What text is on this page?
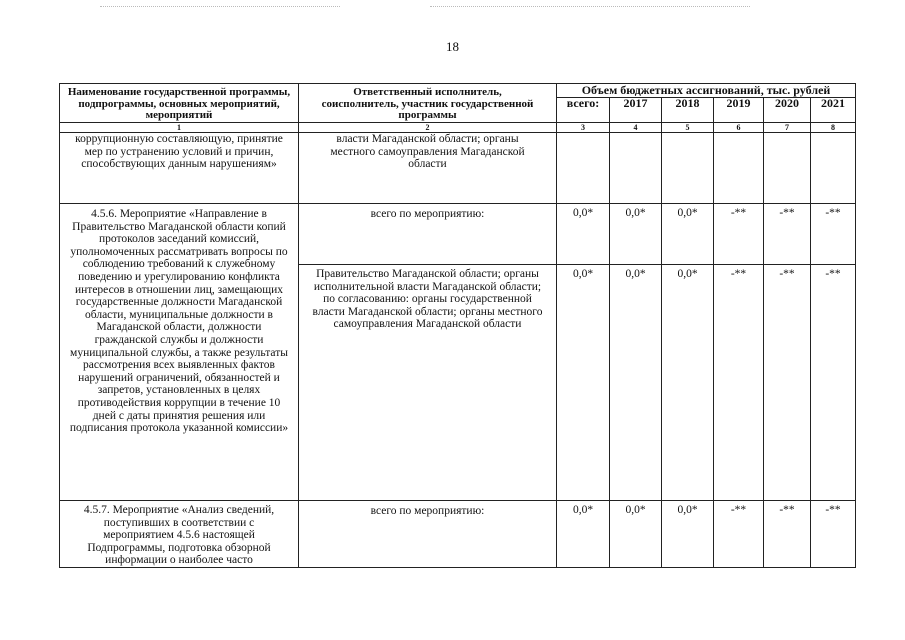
18
Наименование государственной программы, подпрограммы, основных мероприятий, мероприятий	Ответственный исполнитель, соисполнитель, участник государственной программы	Объем бюджетных ассигнований, тыс. рублей					
		всего:	2017	2018	2019	2020	2021
1	2	3	4	5	6	7	8
коррупционную составляющую, принятие мер по устранению условий и причин, способствующих данным нарушениям»	власти Магаданской области; органы местного самоуправления Магаданской области						
4.5.6. Мероприятие «Направление в Правительство Магаданской области копий протоколов заседаний комиссий, уполномоченных рассматривать вопросы по соблюдению требований к служебному поведению и урегулированию конфликта интересов в отношении лиц, замещающих государственные должности Магаданской области, муниципальные должности в Магаданской области, должности гражданской службы и должности муниципальной службы, а также результаты рассмотрения всех выявленных фактов нарушений ограничений, обязанностей и запретов, установленных в целях противодействия коррупции в течение 10 дней с даты принятия решения или подписания протокола указанной комиссии»	всего по мероприятию:	0,0*	0,0*	0,0*	-**	-**	-**
	Правительство Магаданской области; органы исполнительной власти Магаданской области; по согласованию: органы государственной власти Магаданской области; органы местного самоуправления Магаданской области	0,0*	0,0*	0,0*	-**	-**	-**
4.5.7. Мероприятие «Анализ сведений, поступивших в соответствии с мероприятием 4.5.6 настоящей Подпрограммы, подготовка обзорной информации о наиболее часто	всего по мероприятию:	0,0*	0,0*	0,0*	-**	-**	-**
